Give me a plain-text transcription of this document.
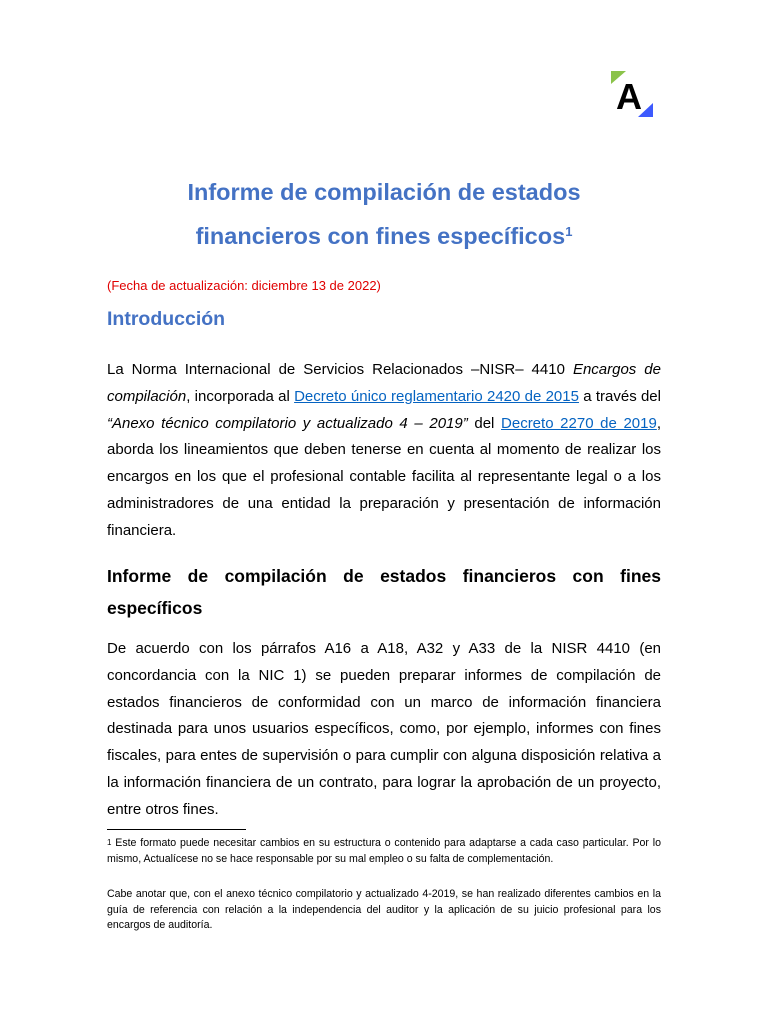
A
Informe de compilación de estados
financieros con fines específicos$^1$

(Fecha de actualización: diciembre 13 de 2022)

Introducción

La Norma Internacional de Servicios Relacionados –NISR– 4410 Encargos de compilación, incorporada al Decreto único reglamentario 2420 de 2015 a través del “Anexo técnico compilatorio y actualizado 4 – 2019” del Decreto 2270 de 2019, aborda los lineamientos que deben tenerse en cuenta al momento de realizar los encargos en los que el profesional contable facilita al representante legal o a los administradores de una entidad la preparación y presentación de información financiera.

Informe de compilación de estados financieros con fines específicos

De acuerdo con los párrafos A16 a A18, A32 y A33 de la NISR 4410 (en concordancia con la NIC 1) se pueden preparar informes de compilación de estados financieros de conformidad con un marco de información financiera destinada para unos usuarios específicos, como, por ejemplo, informes con fines fiscales, para entes de supervisión o para cumplir con alguna disposición relativa a la información financiera de un contrato, para lograr la aprobación de un proyecto, entre otros fines.

$^1$ Este formato puede necesitar cambios en su estructura o contenido para adaptarse a cada caso particular. Por lo mismo, Actualícese no se hace responsable por su mal empleo o su falta de complementación.

Cabe anotar que, con el anexo técnico compilatorio y actualizado 4-2019, se han realizado diferentes cambios en la guía de referencia con relación a la independencia del auditor y la aplicación de su juicio profesional para los encargos de auditoría.
